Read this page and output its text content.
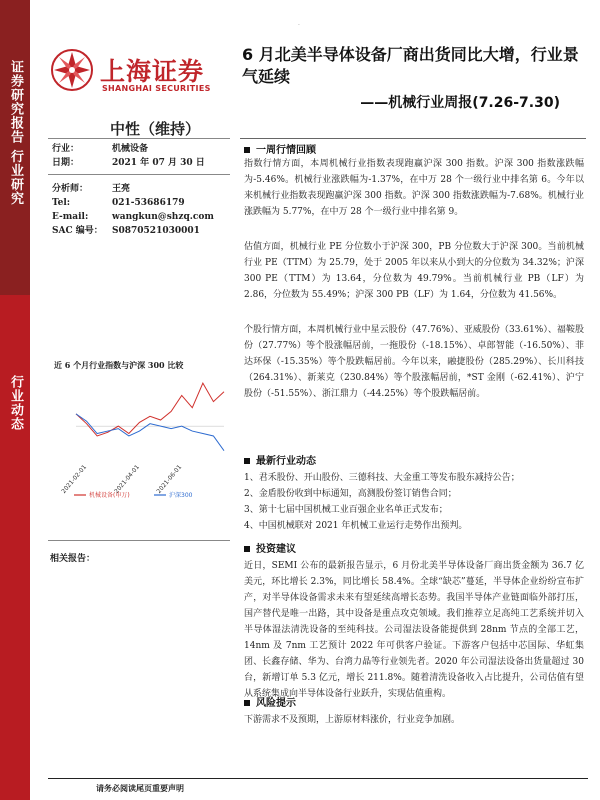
证券研究报告 行业研究
行业动态
·
上海证券
SHANGHAI SECURITIES
6 月北美半导体设备厂商出货同比大增，行业景气延续
——机械行业周报(7.26-7.30)
中性（维持）
行业：	机械设备
日期：	2021 年 07 月 30 日
分析师：	王亮
Tel:	021-53686179
E-mail:	wangkun@shzq.com
SAC 编号： S0870521030001
近 6 个月行业指数与沪深 300 比较
2021-02-01	2021-04-01 2021-06-01
机械设备(申万)	沪深300
相关报告：
一周行情回顾
指数行情方面，本周机械行业指数表现跑赢沪深 300 指数。沪深 300 指数涨跌幅为-5.46%。机械行业涨跌幅为-1.37%，在中万 28 个一级行业中排名第 6。今年以来机械行业指数表现跑赢沪深 300 指数。沪深 300 指数涨跌幅为-7.68%。机械行业涨跌幅为 5.77%，在中万 28 个一级行业中排名第 9。
估值方面，机械行业 PE 分位数小于沪深 300，PB 分位数大于沪深 300。当前机械行业 PE（TTM）为 25.79，处于 2005 年以来从小到大的分位数为 34.32%；沪深 300 PE（TTM）为 13.64，分位数为 49.79%。当前机械行业 PB（LF）为 2.86，分位数为 55.49%；沪深 300 PB（LF）为 1.64，分位数为 41.56%。
个股行情方面，本周机械行业中星云股份（47.76%）、亚威股份（33.61%）、福鞍股份（27.77%）等个股涨幅居前，一拖股份（-18.15%）、卓郎智能（-16.50%）、菲达环保（-15.35%）等个股跌幅居前。今年以来，融捷股份（285.29%）、长川科技（264.31%）、新莱克（230.84%）等个股涨幅居前，*ST 金刚（-62.41%）、沪宁股份（-51.55%）、浙江鼎力（-44.25%）等个股跌幅居前。
最新行业动态
1、君禾股份、开山股份、三德科技、大金重工等发布股东减持公告；
2、金盾股份收到中标通知，高测股份签订销售合同；
3、第十七届中国机械工业百强企业名单正式发布；
4、中国机械联对 2021 年机械工业运行走势作出预判。
投资建议
近日，SEMI 公布的最新报告显示，6 月份北美半导体设备厂商出货金额为 36.7 亿美元，环比增长 2.3%，同比增长 58.4%。全球“缺芯”蔓延，半导体企业纷纷宣布扩产，对半导体设备需求未来有望延续高增长态势。我国半导体产业链面临外部打压，国产替代是唯一出路，其中设备是重点攻克领域。我们推荐立足高纯工艺系统并切入半导体湿法清洗设备的至纯科技。公司湿法设备能提供到 28nm 节点的全部工艺，14nm 及 7nm 工艺预计 2022 年可供客户验证。下游客户包括中芯国际、华虹集团、长鑫存储、华为、台湾力晶等行业领先者。2020 年公司湿法设备出货量超过 30 台，新增订单 5.3 亿元，增长 211.8%。随着清洗设备收入占比提升，公司估值有望从系统集成向半导体设备行业跃升，实现估值重构。
风险提示
下游需求不及预期，上游原材料涨价，行业竞争加剧。
请务必阅读尾页重要声明
